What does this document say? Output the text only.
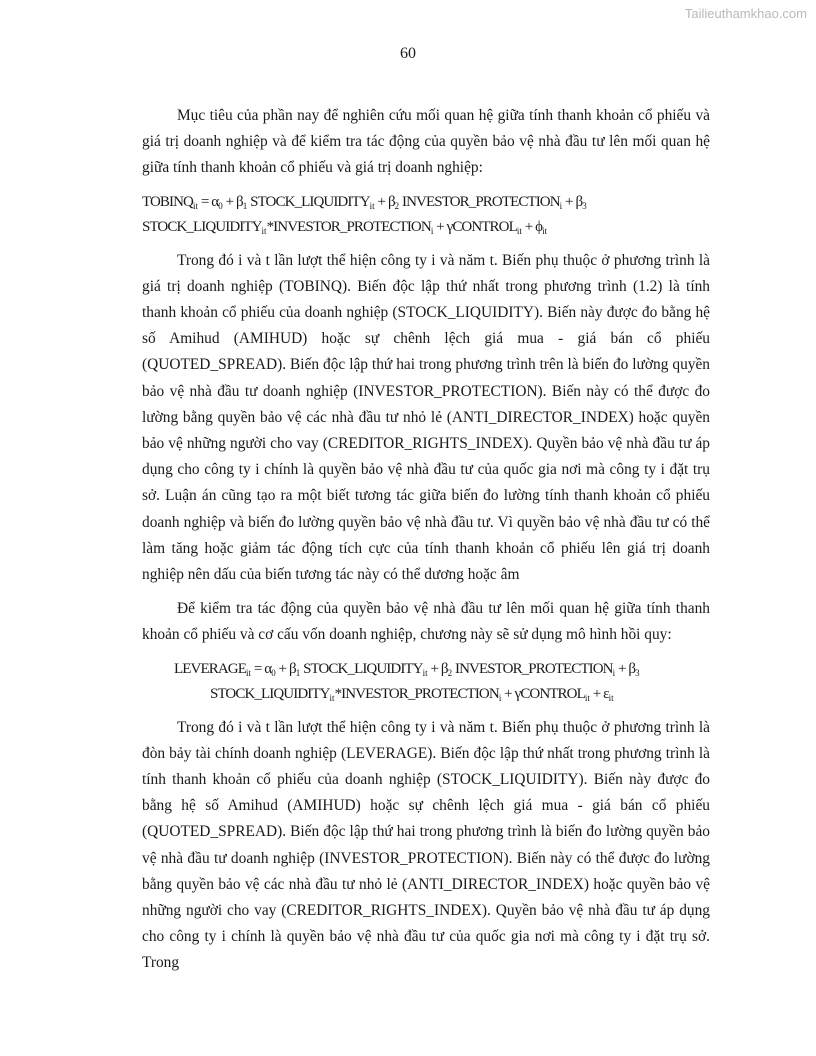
Tailieuthamkhao.com
60

Mục tiêu của phần nay để nghiên cứu mối quan hệ giữa tính thanh khoản cổ phiếu và giá trị doanh nghiệp và để kiểm tra tác động của quyền bảo vệ nhà đầu tư lên mối quan hệ giữa tính thanh khoản cổ phiếu và giá trị doanh nghiệp:

$TOBINQ_{it} = \alpha_0 + \beta_1$ $STOCK\_LIQUIDITY_{it} + \beta_2$ $INVESTOR\_PROTECTION_i + \beta_3$
$STOCK\_LIQUIDITY_{it}*INVESTOR\_PROTECTION_i$ + γCONTROL$_{it}$ + $\phi_{it}$

Trong đó i và t lần lượt thể hiện công ty i và năm t. Biến phụ thuộc ở phương trình là giá trị doanh nghiệp (TOBINQ). Biến độc lập thứ nhất trong phương trình (1.2) là tính thanh khoản cổ phiếu của doanh nghiệp (STOCK_LIQUIDITY). Biến này được đo bằng hệ số Amihud (AMIHUD) hoặc sự chênh lệch giá mua - giá bán cổ phiếu (QUOTED_SPREAD). Biến độc lập thứ hai trong phương trình trên là biến đo lường quyền bảo vệ nhà đầu tư doanh nghiệp (INVESTOR_PROTECTION). Biến này có thể được đo lường bằng quyền bảo vệ các nhà đầu tư nhỏ lẻ (ANTI_DIRECTOR_INDEX) hoặc quyền bảo vệ những người cho vay (CREDITOR_RIGHTS_INDEX). Quyền bảo vệ nhà đầu tư áp dụng cho công ty i chính là quyền bảo vệ nhà đầu tư của quốc gia nơi mà công ty i đặt trụ sở. Luận án cũng tạo ra một biết tương tác giữa biến đo lường tính thanh khoản cổ phiếu doanh nghiệp và biến đo lường quyền bảo vệ nhà đầu tư. Vì quyền bảo vệ nhà đầu tư có thể làm tăng hoặc giảm tác động tích cực của tính thanh khoản cổ phiếu lên giá trị doanh nghiệp nên dấu của biến tương tác này có thể dương hoặc âm

Để kiểm tra tác động của quyền bảo vệ nhà đầu tư lên mối quan hệ giữa tính thanh khoản cổ phiếu và cơ cấu vốn doanh nghiệp, chương này sẽ sử dụng mô hình hồi quy:

$LEVERAGE_{it} = \alpha_0 + \beta_1$ $STOCK\_LIQUIDITY_{it} + \beta_2$ $INVESTOR\_PROTECTION_i + \beta_3$
$STOCK\_LIQUIDITY_{it}*INVESTOR\_PROTECTION_i$ + γCONTROL$_{it}$ + $\varepsilon_{it}$

Trong đó i và t lần lượt thể hiện công ty i và năm t. Biến phụ thuộc ở phương trình là đòn bảy tài chính doanh nghiệp (LEVERAGE). Biến độc lập thứ nhất trong phương trình là tính thanh khoản cổ phiếu của doanh nghiệp (STOCK_LIQUIDITY). Biến này được đo bằng hệ số Amihud (AMIHUD) hoặc sự chênh lệch giá mua - giá bán cổ phiếu (QUOTED_SPREAD). Biến độc lập thứ hai trong phương trình là biến đo lường quyền bảo vệ nhà đầu tư doanh nghiệp (INVESTOR_PROTECTION). Biến này có thể được đo lường bằng quyền bảo vệ các nhà đầu tư nhỏ lẻ (ANTI_DIRECTOR_INDEX) hoặc quyền bảo vệ những người cho vay (CREDITOR_RIGHTS_INDEX). Quyền bảo vệ nhà đầu tư áp dụng cho công ty i chính là quyền bảo vệ nhà đầu tư của quốc gia nơi mà công ty i đặt trụ sở. Trong
